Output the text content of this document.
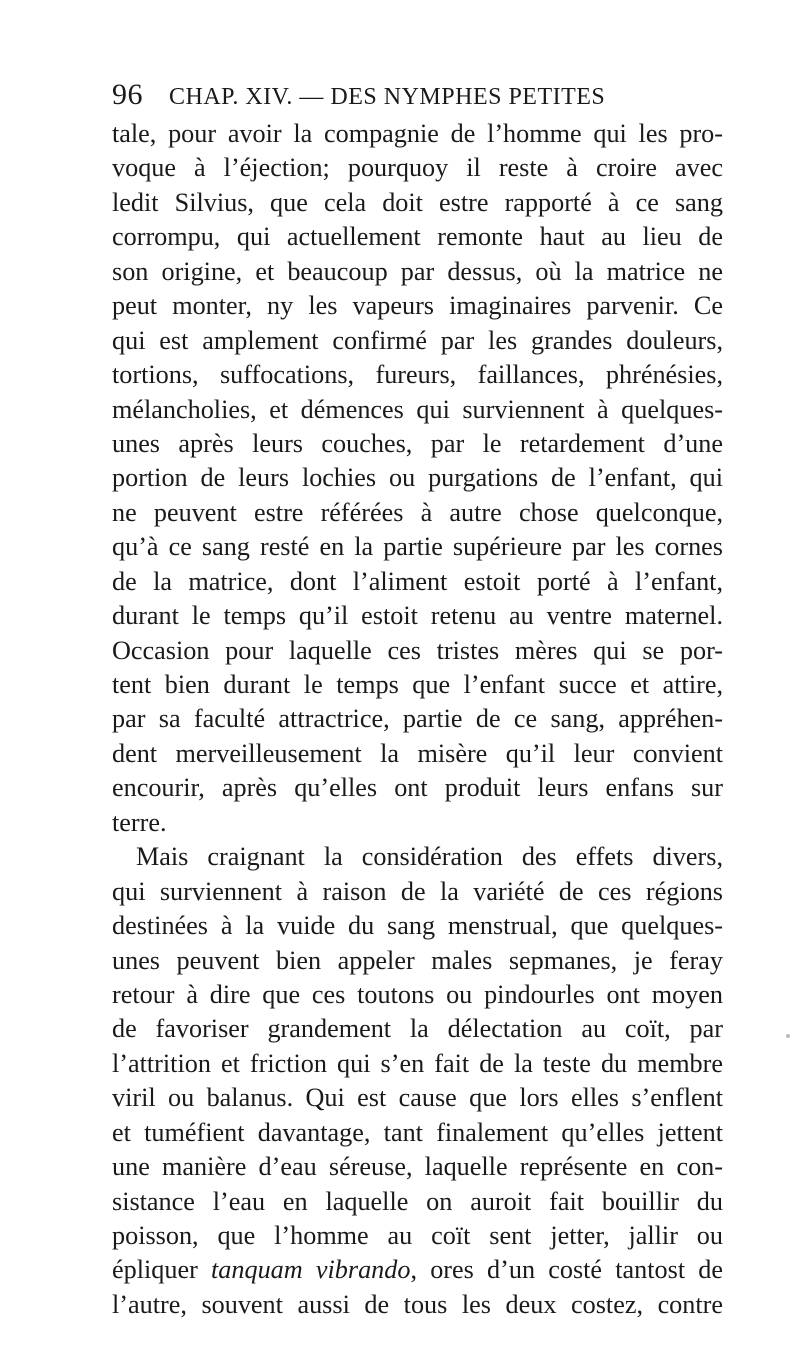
96 CHAP. XIV. — DES NYMPHES PETITES
tale, pour avoir la compagnie de l’homme qui les pro-
voque à l’éjection; pourquoy il reste à croire avec
ledit Silvius, que cela doit estre rapporté à ce sang
corrompu, qui actuellement remonte haut au lieu de
son origine, et beaucoup par dessus, où la matrice ne
peut monter, ny les vapeurs imaginaires parvenir. Ce
qui est amplement confirmé par les grandes douleurs,
tortions, suffocations, fureurs, faillances, phrénésies,
mélancholies, et démences qui surviennent à quelques-
unes après leurs couches, par le retardement d’une
portion de leurs lochies ou purgations de l’enfant, qui
ne peuvent estre référées à autre chose quelconque,
qu’à ce sang resté en la partie supérieure par les cornes
de la matrice, dont l’aliment estoit porté à l’enfant,
durant le temps qu’il estoit retenu au ventre maternel.
Occasion pour laquelle ces tristes mères qui se por-
tent bien durant le temps que l’enfant succe et attire,
par sa faculté attractrice, partie de ce sang, appréhen-
dent merveilleusement la misère qu’il leur convient
encourir, après qu’elles ont produit leurs enfans sur
terre.
Mais craignant la considération des effets divers,
qui surviennent à raison de la variété de ces régions
destinées à la vuide du sang menstrual, que quelques-
unes peuvent bien appeler males sepmanes, je feray
retour à dire que ces toutons ou pindourles ont moyen
de favoriser grandement la délectation au coït, par
l’attrition et friction qui s’en fait de la teste du membre
viril ou balanus. Qui est cause que lors elles s’enflent
et tuméfient davantage, tant finalement qu’elles jettent
une manière d’eau séreuse, laquelle représente en con-
sistance l’eau en laquelle on auroit fait bouillir du
poisson, que l’homme au coït sent jetter, jallir ou
épliquer tanquam vibrando, ores d’un costé tantost de
l’autre, souvent aussi de tous les deux costez, contre
